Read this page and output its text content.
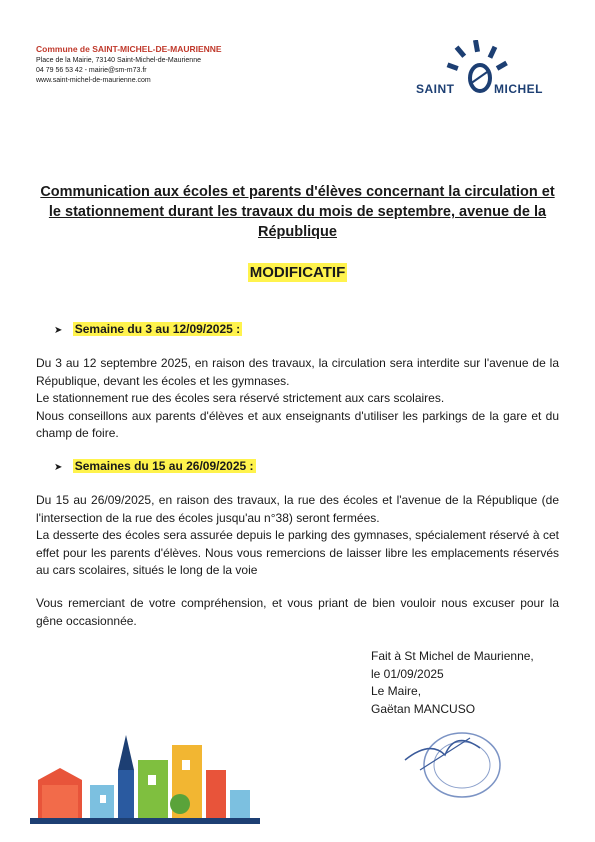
Commune de SAINT-MICHEL-DE-MAURIENNE
Place de la Mairie, 73140 Saint-Michel-de-Maurienne
04 79 56 53 42 - mairie@sm-m73.fr
www.saint-michel-de-maurienne.com
SAINT	MICHEL
Communication aux écoles et parents d'élèves concernant la circulation et le stationnement durant les travaux du mois de septembre, avenue de la République
MODIFICATIF
➤ Semaine du 3 au 12/09/2025 :

Du 3 au 12 septembre 2025, en raison des travaux, la circulation sera interdite sur l'avenue de la République, devant les écoles et les gymnases.

Le stationnement rue des écoles sera réservé strictement aux cars scolaires.

Nous conseillons aux parents d'élèves et aux enseignants d'utiliser les parkings de la gare et du champ de foire.

➤ Semaines du 15 au 26/09/2025 :

Du 15 au 26/09/2025, en raison des travaux, la rue des écoles et l'avenue de la République (de l'intersection de la rue des écoles jusqu'au n°38) seront fermées.

La desserte des écoles sera assurée depuis le parking des gymnases, spécialement réservé à cet effet pour les parents d'élèves. Nous vous remercions de laisser libre les emplacements réservés au cars scolaires, situés le long de la voie

Vous remerciant de votre compréhension, et vous priant de bien vouloir nous excuser pour la gêne occasionnée.

Fait à St Michel de Maurienne,

le 01/09/2025

Le Maire,

Gaëtan MANCUSO
